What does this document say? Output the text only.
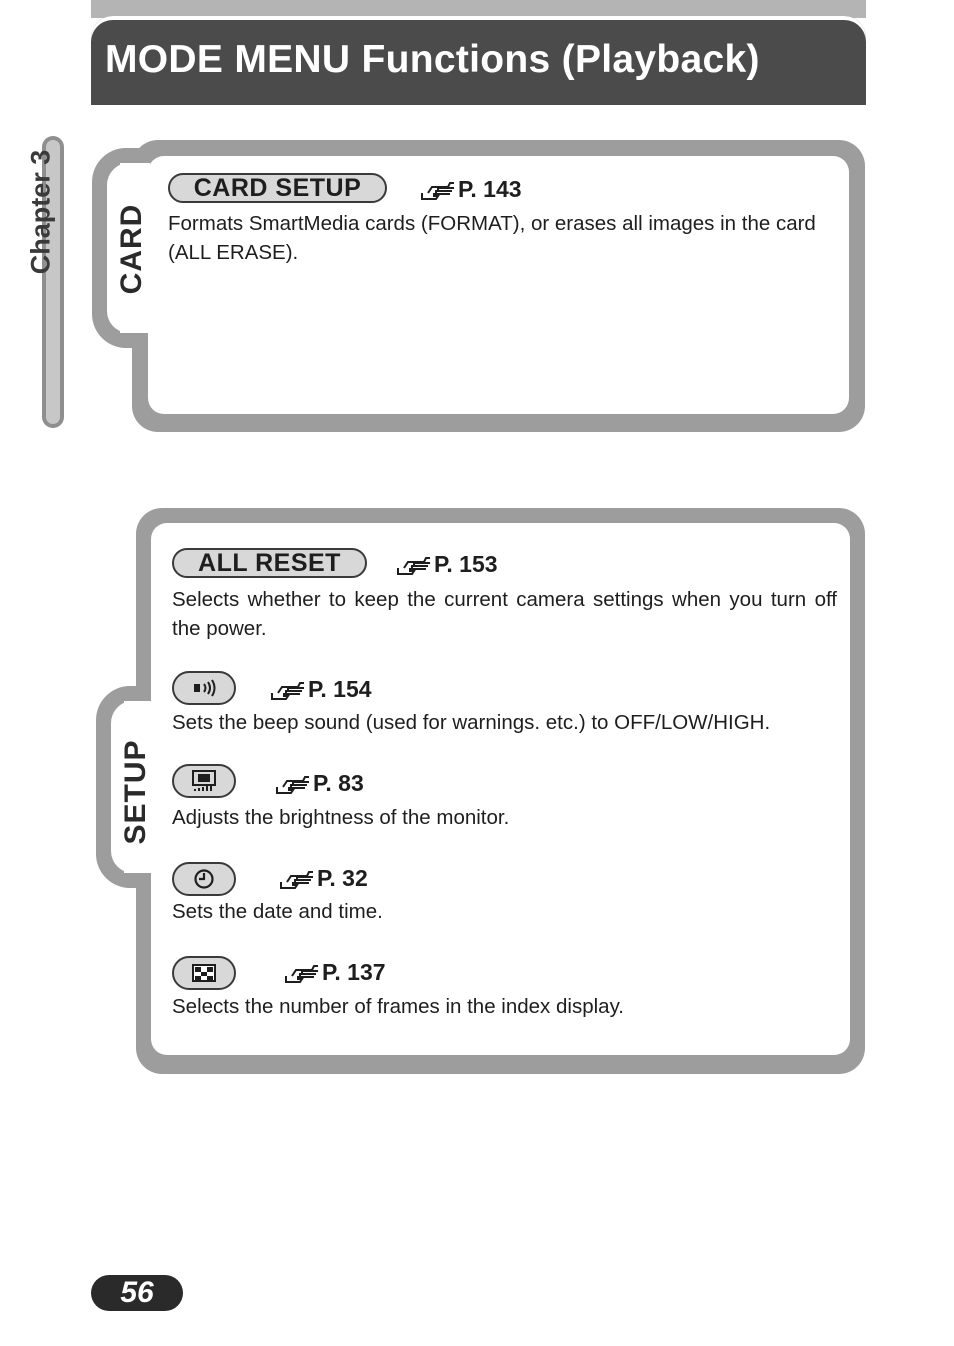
MODE MENU Functions (Playback)
Chapter 3 CARD
CARD SETUP	P. 143
Formats SmartMedia cards (FORMAT), or erases all images in the card (ALL ERASE).
SETUP
ALL RESET	P. 153
Selects whether to keep the current camera settings when you turn off the power.
P. 154
Sets the beep sound (used for warnings. etc.) to OFF/LOW/HIGH.
P. 83
Adjusts the brightness of the monitor.
P. 32
Sets the date and time.
P. 137
Selects the number of frames in the index display.
56
